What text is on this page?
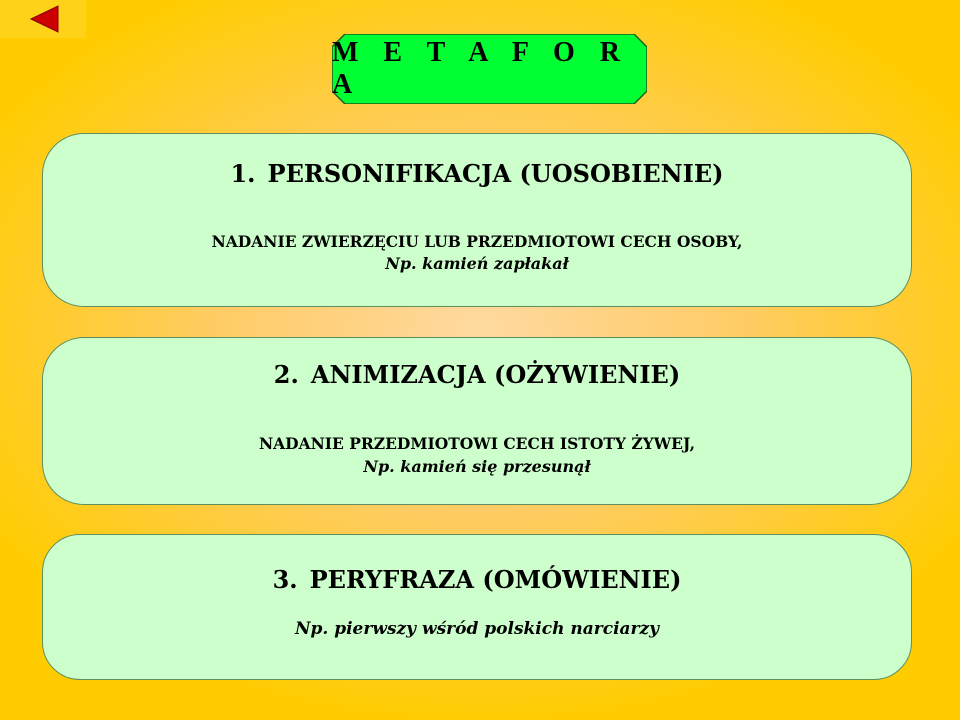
M E T A F O R A
1. PERSONIFIKACJA (UOSOBIENIE)
NADANIE ZWIERZĘCIU LUB PRZEDMIOTOWI CECH OSOBY,
Np. kamień zapłakał
2. ANIMIZACJA (OŻYWIENIE)
NADANIE PRZEDMIOTOWI CECH ISTOTY ŻYWEJ,
Np. kamień się przesunął
3. PERYFRAZA (OMÓWIENIE)
Np. pierwszy wśród polskich narciarzy
